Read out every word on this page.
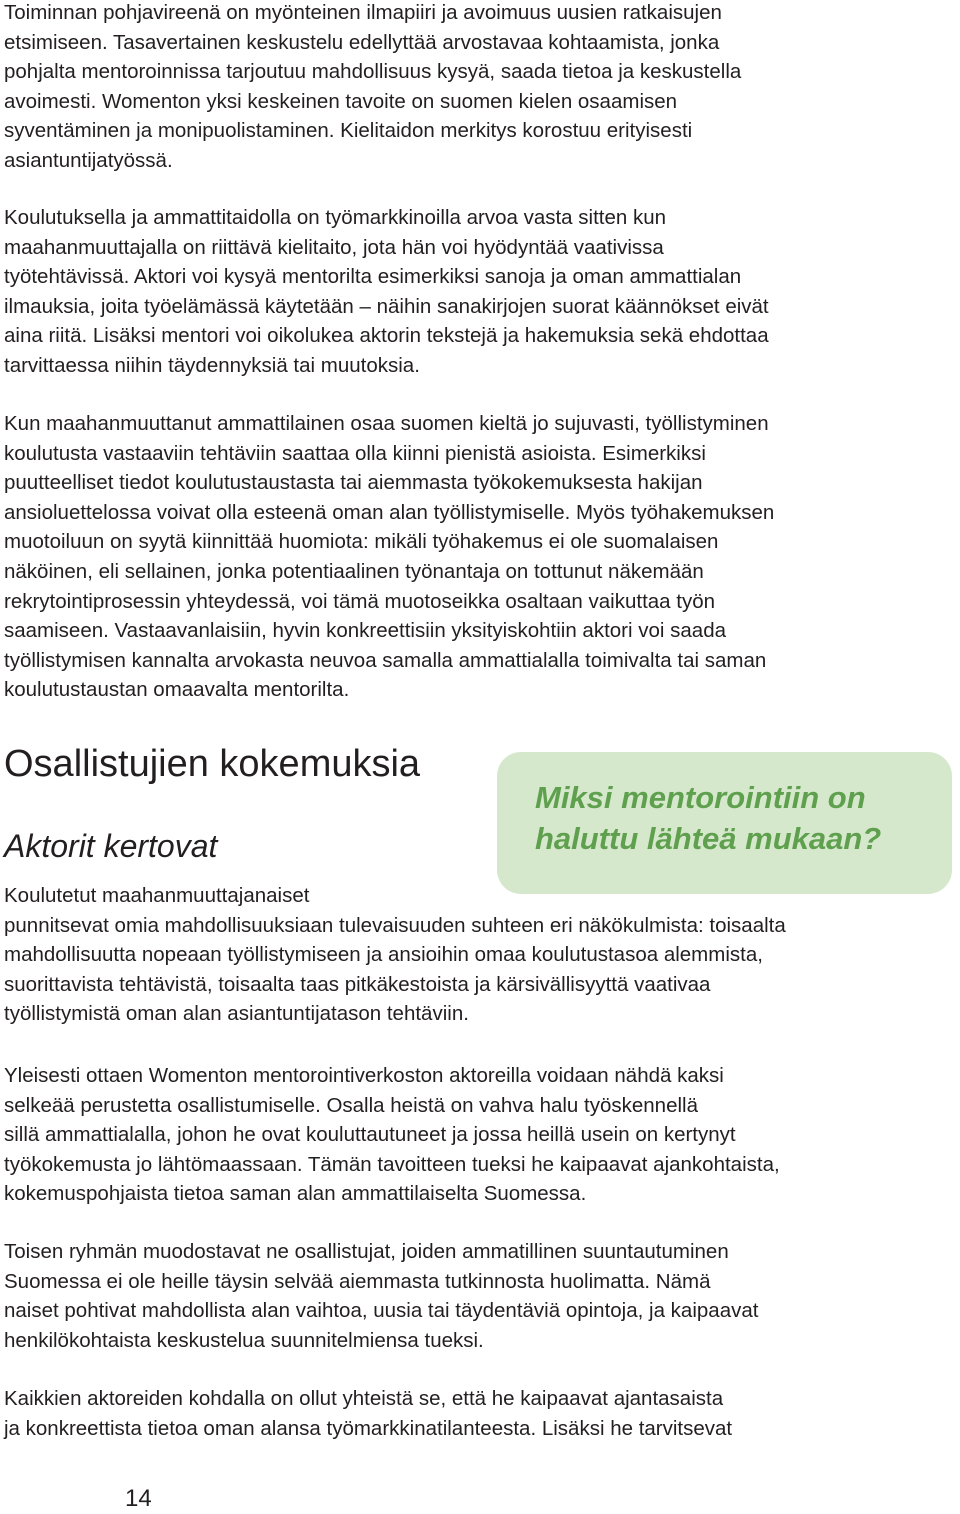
Toiminnan pohjavireenä on myönteinen ilmapiiri ja avoimuus uusien ratkaisujen
etsimiseen. Tasavertainen keskustelu edellyttää arvostavaa kohtaamista, jonka
pohjalta mentoroinnissa tarjoutuu mahdollisuus kysyä, saada tietoa ja keskustella
avoimesti. Womenton yksi keskeinen tavoite on suomen kielen osaamisen
syventäminen ja monipuolistaminen. Kielitaidon merkitys korostuu erityisesti
asiantuntijatyössä.

Koulutuksella ja ammattitaidolla on työmarkkinoilla arvoa vasta sitten kun
maahanmuuttajalla on riittävä kielitaito, jota hän voi hyödyntää vaativissa
työtehtävissä. Aktori voi kysyä mentorilta esimerkiksi sanoja ja oman ammattialan
ilmauksia, joita työelämässä käytetään – näihin sanakirjojen suorat käännökset eivät
aina riitä. Lisäksi mentori voi oikolukea aktorin tekstejä ja hakemuksia sekä ehdottaa
tarvittaessa niihin täydennyksiä tai muutoksia.

Kun maahanmuuttanut ammattilainen osaa suomen kieltä jo sujuvasti, työllistyminen
koulutusta vastaaviin tehtäviin saattaa olla kiinni pienistä asioista. Esimerkiksi
puutteelliset tiedot koulutustaustasta tai aiemmasta työkokemuksesta hakijan
ansioluettelossa voivat olla esteenä oman alan työllistymiselle. Myös työhakemuksen
muotoiluun on syytä kiinnittää huomiota: mikäli työhakemus ei ole suomalaisen
näköinen, eli sellainen, jonka potentiaalinen työnantaja on tottunut näkemään
rekrytointiprosessin yhteydessä, voi tämä muotoseikka osaltaan vaikuttaa työn
saamiseen. Vastaavanlaisiin, hyvin konkreettisiin yksityiskohtiin aktori voi saada
työllistymisen kannalta arvokasta neuvoa samalla ammattialalla toimivalta tai saman
koulutustaustan omaavalta mentorilta.

Osallistujien kokemuksia
Aktorit kertovat

Miksi mentorointiin on
haluttu lähteä mukaan?

Koulutetut maahanmuuttajanaiset
punnitsevat omia mahdollisuuksiaan tulevaisuuden suhteen eri näkökulmista: toisaalta
mahdollisuutta nopeaan työllistymiseen ja ansioihin omaa koulutustasoa alemmista,
suorittavista tehtävistä, toisaalta taas pitkäkestoista ja kärsivällisyyttä vaativaa
työllistymistä oman alan asiantuntijatason tehtäviin.

Yleisesti ottaen Womenton mentorointiverkoston aktoreilla voidaan nähdä kaksi
selkeää perustetta osallistumiselle. Osalla heistä on vahva halu työskennellä
sillä ammattialalla, johon he ovat kouluttautuneet ja jossa heillä usein on kertynyt
työkokemusta jo lähtömaassaan. Tämän tavoitteen tueksi he kaipaavat ajankohtaista,
kokemuspohjaista tietoa saman alan ammattilaiselta Suomessa.

Toisen ryhmän muodostavat ne osallistujat, joiden ammatillinen suuntautuminen
Suomessa ei ole heille täysin selvää aiemmasta tutkinnosta huolimatta. Nämä
naiset pohtivat mahdollista alan vaihtoa, uusia tai täydentäviä opintoja, ja kaipaavat
henkilökohtaista keskustelua suunnitelmiensa tueksi.

Kaikkien aktoreiden kohdalla on ollut yhteistä se, että he kaipaavat ajantasaista
ja konkreettista tietoa oman alansa työmarkkinatilanteesta. Lisäksi he tarvitsevat

14
